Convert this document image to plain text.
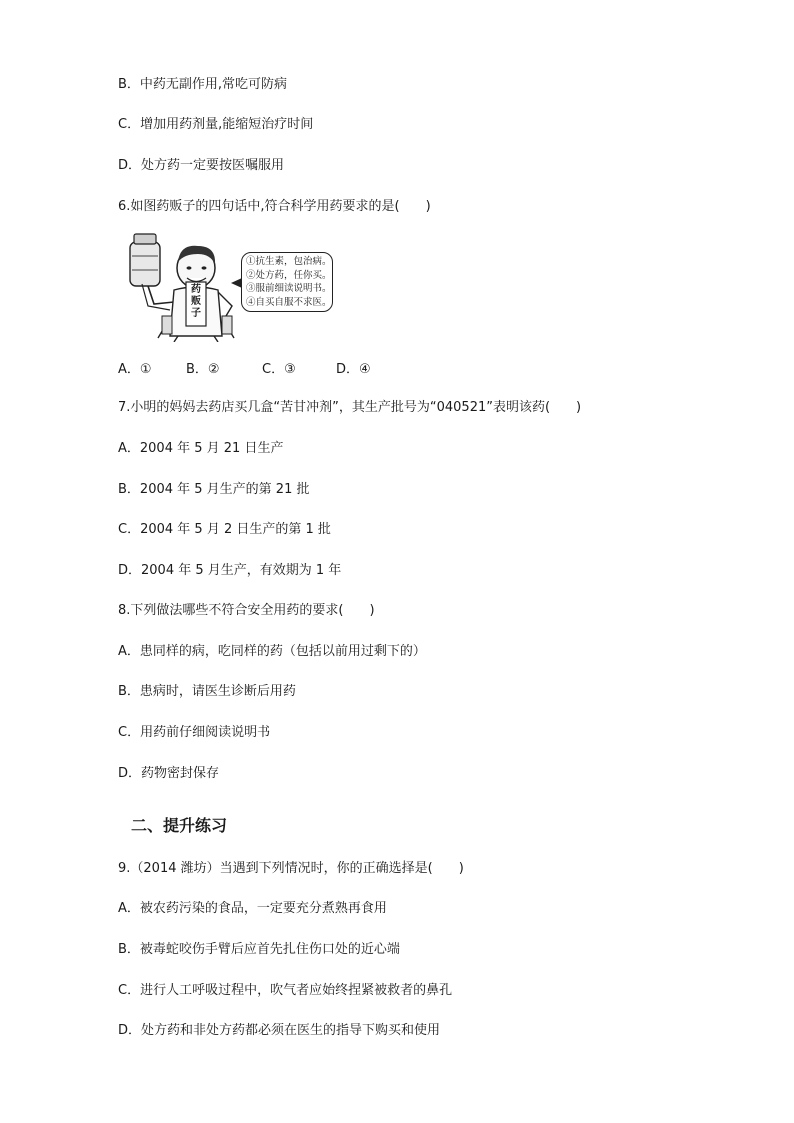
B．中药无副作用,常吃可防病
C．增加用药剂量,能缩短治疗时间
D．处方药一定要按医嘱服用
6.如图药贩子的四句话中,符合科学用药要求的是(　　)
药贩子
①抗生素，包治病。
②处方药，任你买。
③服前细读说明书。
④自买自服不求医。
A．①	B．②	C．③	D．④
7.小明的妈妈去药店买几盒“苦甘冲剂”，其生产批号为“040521”表明该药(　　)
A．2004 年 5 月 21 日生产
B．2004 年 5 月生产的第 21 批
C．2004 年 5 月 2 日生产的第 1 批
D．2004 年 5 月生产，有效期为 1 年
8.下列做法哪些不符合安全用药的要求(　　)
A．患同样的病，吃同样的药（包括以前用过剩下的）
B．患病时，请医生诊断后用药
C．用药前仔细阅读说明书
D．药物密封保存
二、提升练习
9.（2014 潍坊）当遇到下列情况时，你的正确选择是(　　)
A．被农药污染的食品，一定要充分煮熟再食用
B．被毒蛇咬伤手臂后应首先扎住伤口处的近心端
C．进行人工呼吸过程中，吹气者应始终捏紧被救者的鼻孔
D．处方药和非处方药都必须在医生的指导下购买和使用
